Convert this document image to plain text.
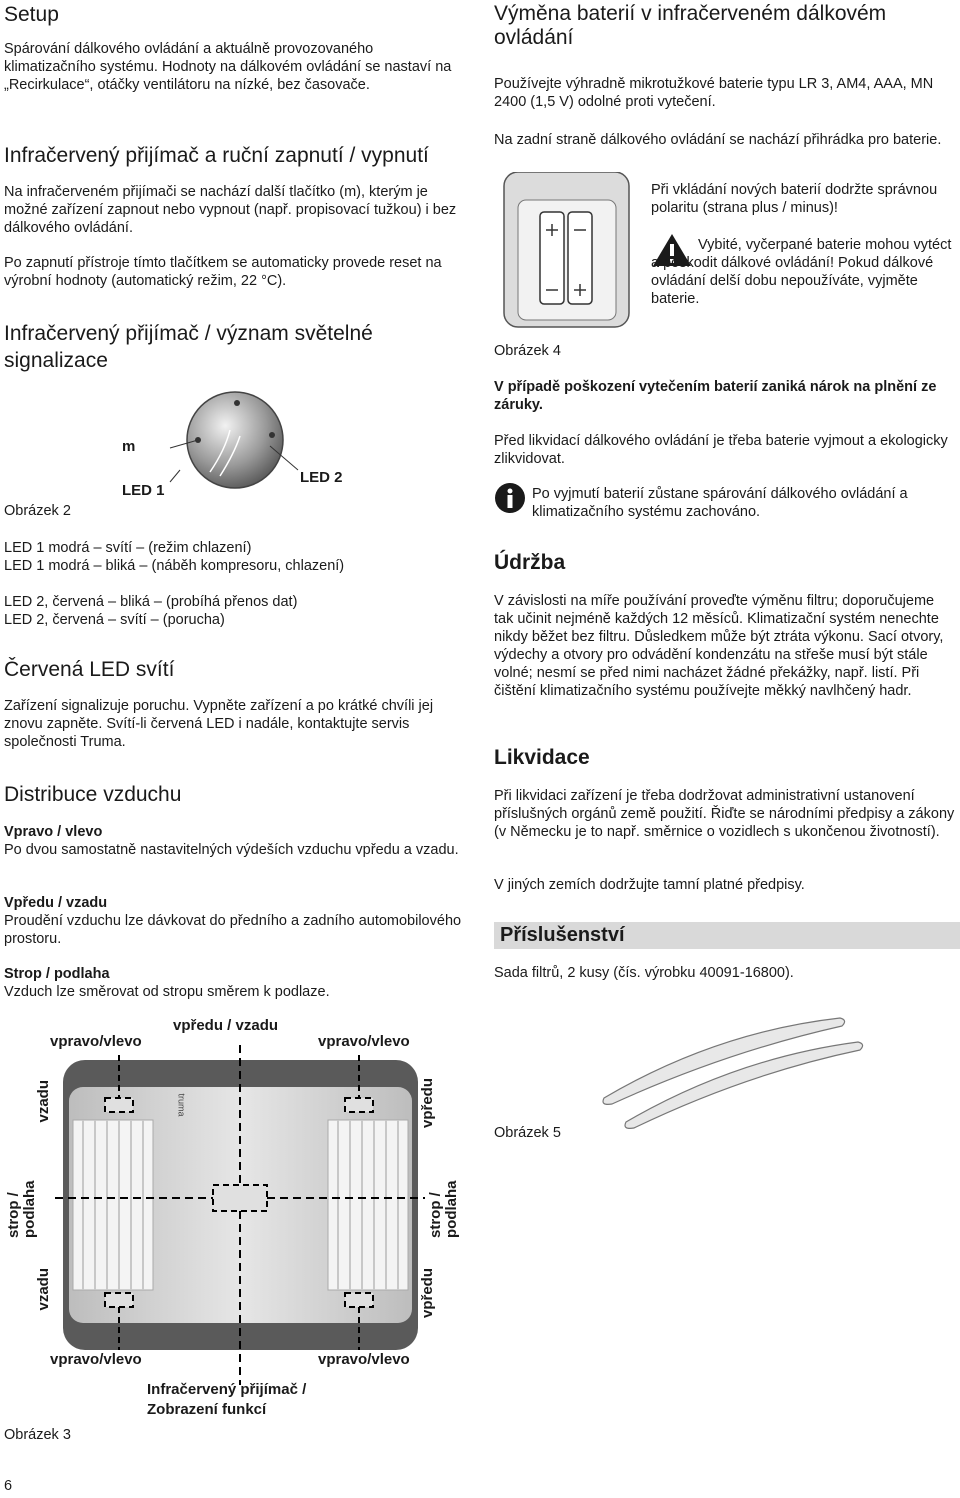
Setup
Spárování dálkového ovládání a aktuálně provozovaného klimatizačního systému. Hodnoty na dálkovém ovládání se nastaví na „Recirkulace“, otáčky ventilátoru na nízké, bez časovače.
Infračervený přijímač a ruční zapnutí / vypnutí
Na infračerveném přijímači se nachází další tlačítko (m), kterým je možné zařízení zapnout nebo vypnout (např. propisovací tužkou) i bez dálkového ovládání.
Po zapnutí přístroje tímto tlačítkem se automaticky provede reset na výrobní hodnoty (automatický režim, 22 °C).
Infračervený přijímač / význam světelné signalizace
m
LED 1
LED 2
Obrázek 2
LED 1 modrá – svítí – (režim chlazení)
LED 1 modrá – bliká – (náběh kompresoru, chlazení)
LED 2, červená – bliká – (probíhá přenos dat)
LED 2, červená – svítí – (porucha)
Červená LED svítí
Zařízení signalizuje poruchu. Vypněte zařízení a po krátké chvíli jej znovu zapněte. Svítí-li červená LED i nadále, kontaktujte servis společnosti Truma.
Distribuce vzduchu
Vpravo / vlevo
Po dvou samostatně nastavitelných výdeších vzduchu vpředu a vzadu.
Vpředu / vzadu
Proudění vzduchu lze dávkovat do předního a zadního automobilového prostoru.
Strop / podlaha
Vzduch lze směrovat od stropu směrem k podlaze.
truma
vpředu / vzadu
vpravo/vlevo	vpravo/vlevo
vpravo/vlevo	vpravo/vlevo
vzadu
strop / podlaha
vzadu
vpředu
strop / podlaha
vpředu
Infračervený přijímač / Zobrazení funkcí
Obrázek 3
6
Výměna baterií v infračerveném dálkovém ovládání
Používejte výhradně mikrotužkové baterie typu LR 3, AM4, AAA, MN 2400 (1,5 V) odolné proti vytečení.
Na zadní straně dálkového ovládání se nachází přihrádka pro baterie.
Při vkládání nových baterií dodržte správnou polaritu (strana plus / minus)!
Vybité, vyčerpané baterie mohou vytéct a poškodit dálkové ovládání! Pokud dálkové ovládání delší dobu nepoužíváte, vyjměte baterie.
Obrázek 4
V případě poškození vytečením baterií zaniká nárok na plnění ze záruky.
Před likvidací dálkového ovládání je třeba baterie vyjmout a ekologicky zlikvidovat.
Po vyjmutí baterií zůstane spárování dálkového ovládání a klimatizačního systému zachováno.
Údržba
V závislosti na míře používání proveďte výměnu filtru; doporučujeme tak učinit nejméně každých 12 měsíců. Klimatizační systém nenechte nikdy běžet bez filtru. Důsledkem může být ztráta výkonu. Sací otvory, výdechy a otvory pro odvádění kondenzátu na střeše musí být stále volné; nesmí se před nimi nacházet žádné překážky, např. listí. Při čištění klimatizačního systému používejte měkký navlhčený hadr.
Likvidace
Při likvidaci zařízení je třeba dodržovat administrativní ustanovení příslušných orgánů země použití. Řiďte se národními předpisy a zákony (v Německu je to např. směrnice o vozidlech s ukončenou životností).
V jiných zemích dodržujte tamní platné předpisy.
Příslušenství
Sada filtrů, 2 kusy (čís. výrobku 40091-16800).
Obrázek 5
